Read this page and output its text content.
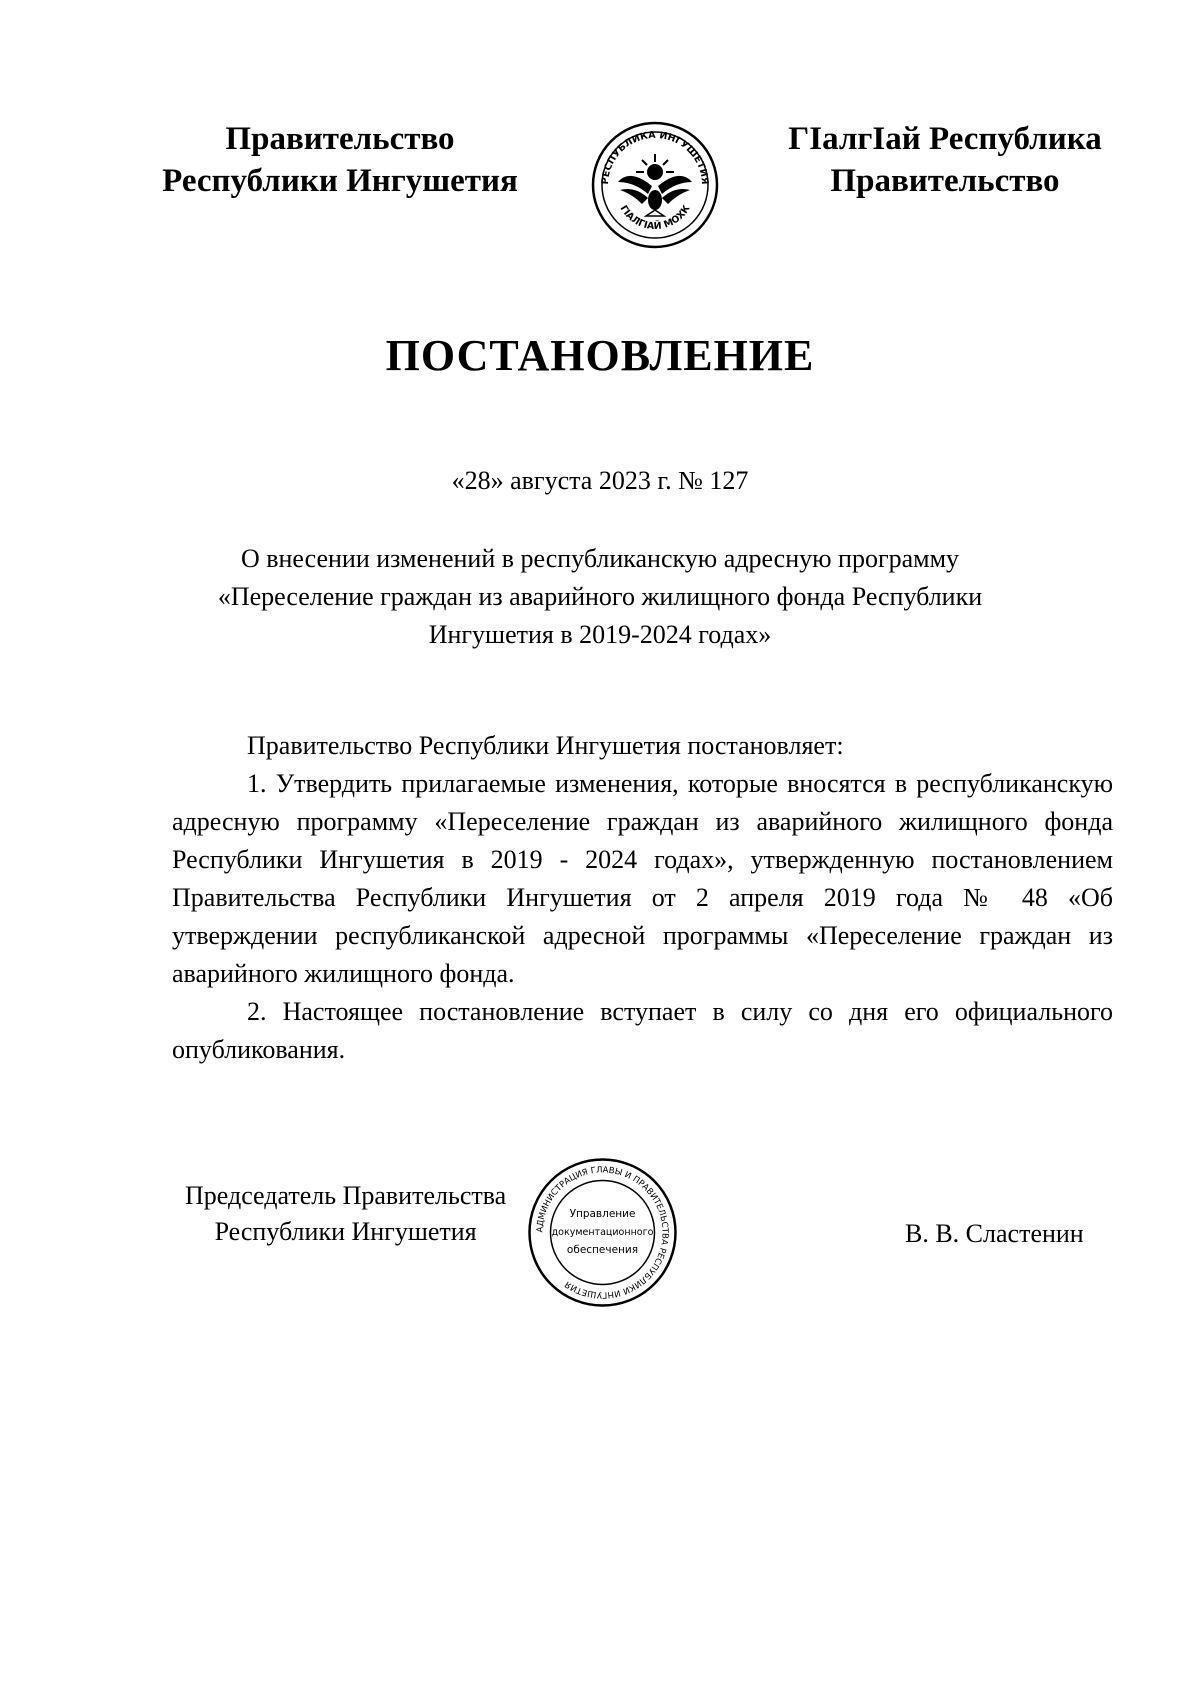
Правительство
Республики Ингушетия	РЕСПУБЛИКА ИНГУШЕТИЯ
ГIАЛГIАЙ МОХК
ГIалгIай Республика
Правительство
ПОСТАНОВЛЕНИЕ
«28» августа 2023 г. № 127
О внесении изменений в республиканскую адресную программу
«Переселение граждан из аварийного жилищного фонда Республики
Ингушетия в 2019-2024 годах»
Правительство Республики Ингушетия постановляет:
1. Утвердить прилагаемые изменения, которые вносятся в республиканскую адресную программу «Переселение граждан из аварийного жилищного фонда Республики Ингушетия в 2019 - 2024 годах», утвержденную постановлением Правительства Республики Ингушетия от 2 апреля 2019 года № 48 «Об утверждении республиканской адресной программы «Переселение граждан из аварийного жилищного фонда.
2. Настоящее постановление вступает в силу со дня его официального опубликования.
Председатель Правительства
Республики Ингушетия	АДМИНИСТРАЦИЯ ГЛАВЫ И ПРАВИТЕЛЬСТВА РЕСПУБЛИКИ ИНГУШЕТИЯ
Управление
документационного
обеспечения
В. В. Сластенин
